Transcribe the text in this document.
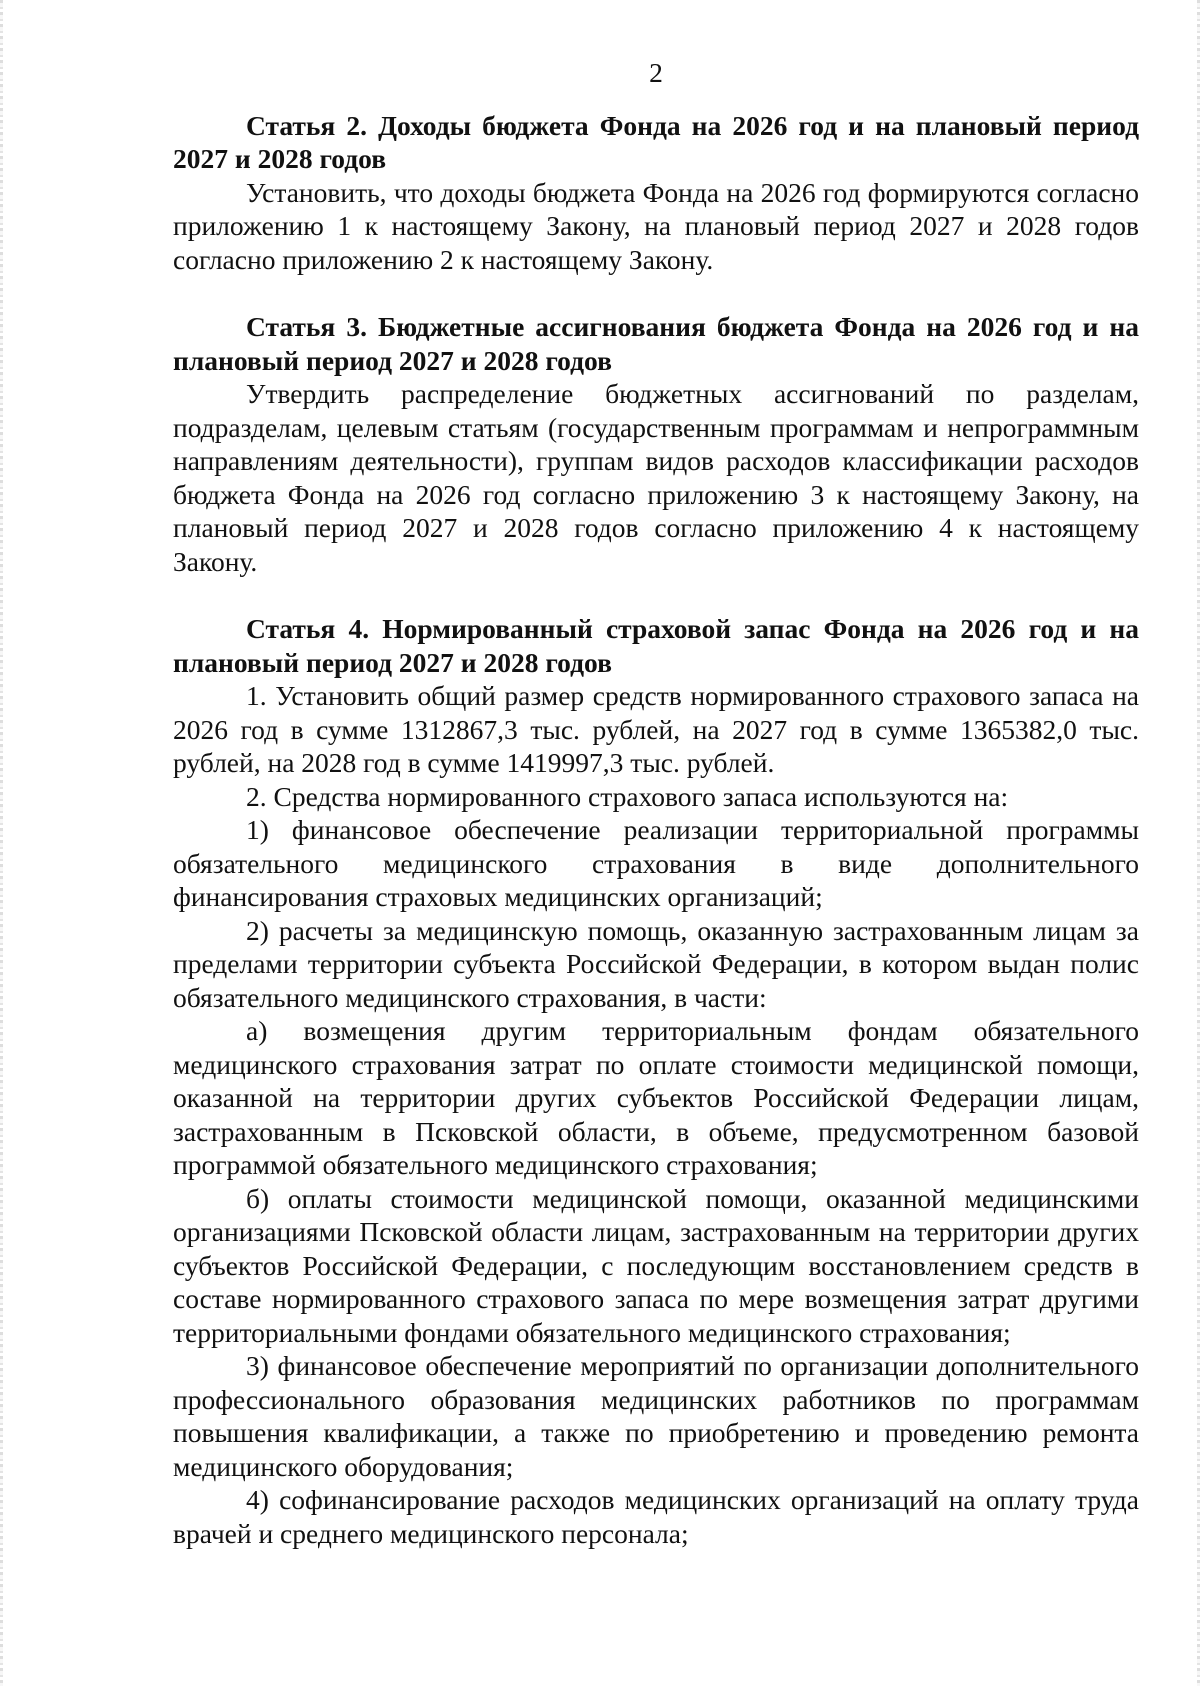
2

Статья 2. Доходы бюджета Фонда на 2026 год и на плановый период 2027 и 2028 годов

Установить, что доходы бюджета Фонда на 2026 год формируются согласно приложению 1 к настоящему Закону, на плановый период 2027 и 2028 годов согласно приложению 2 к настоящему Закону.

Статья 3. Бюджетные ассигнования бюджета Фонда на 2026 год и на плановый период 2027 и 2028 годов

Утвердить распределение бюджетных ассигнований по разделам, подразделам, целевым статьям (государственным программам и непрограммным направлениям деятельности), группам видов расходов классификации расходов бюджета Фонда на 2026 год согласно приложению 3 к настоящему Закону, на плановый период 2027 и 2028 годов согласно приложению 4 к настоящему Закону.

Статья 4. Нормированный страховой запас Фонда на 2026 год и на плановый период 2027 и 2028 годов

1. Установить общий размер средств нормированного страхового запаса на 2026 год в сумме 1312867,3 тыс. рублей, на 2027 год в сумме 1365382,0 тыс. рублей, на 2028 год в сумме 1419997,3 тыс. рублей.

2. Средства нормированного страхового запаса используются на:

1) финансовое обеспечение реализации территориальной программы обязательного медицинского страхования в виде дополнительного финансирования страховых медицинских организаций;

2) расчеты за медицинскую помощь, оказанную застрахованным лицам за пределами территории субъекта Российской Федерации, в котором выдан полис обязательного медицинского страхования, в части:

а) возмещения другим территориальным фондам обязательного медицинского страхования затрат по оплате стоимости медицинской помощи, оказанной на территории других субъектов Российской Федерации лицам, застрахованным в Псковской области, в объеме, предусмотренном базовой программой обязательного медицинского страхования;

б) оплаты стоимости медицинской помощи, оказанной медицинскими организациями Псковской области лицам, застрахованным на территории других субъектов Российской Федерации, с последующим восстановлением средств в составе нормированного страхового запаса по мере возмещения затрат другими территориальными фондами обязательного медицинского страхования;

3) финансовое обеспечение мероприятий по организации дополнительного профессионального образования медицинских работников по программам повышения квалификации, а также по приобретению и проведению ремонта медицинского оборудования;

4) софинансирование расходов медицинских организаций на оплату труда врачей и среднего медицинского персонала;
